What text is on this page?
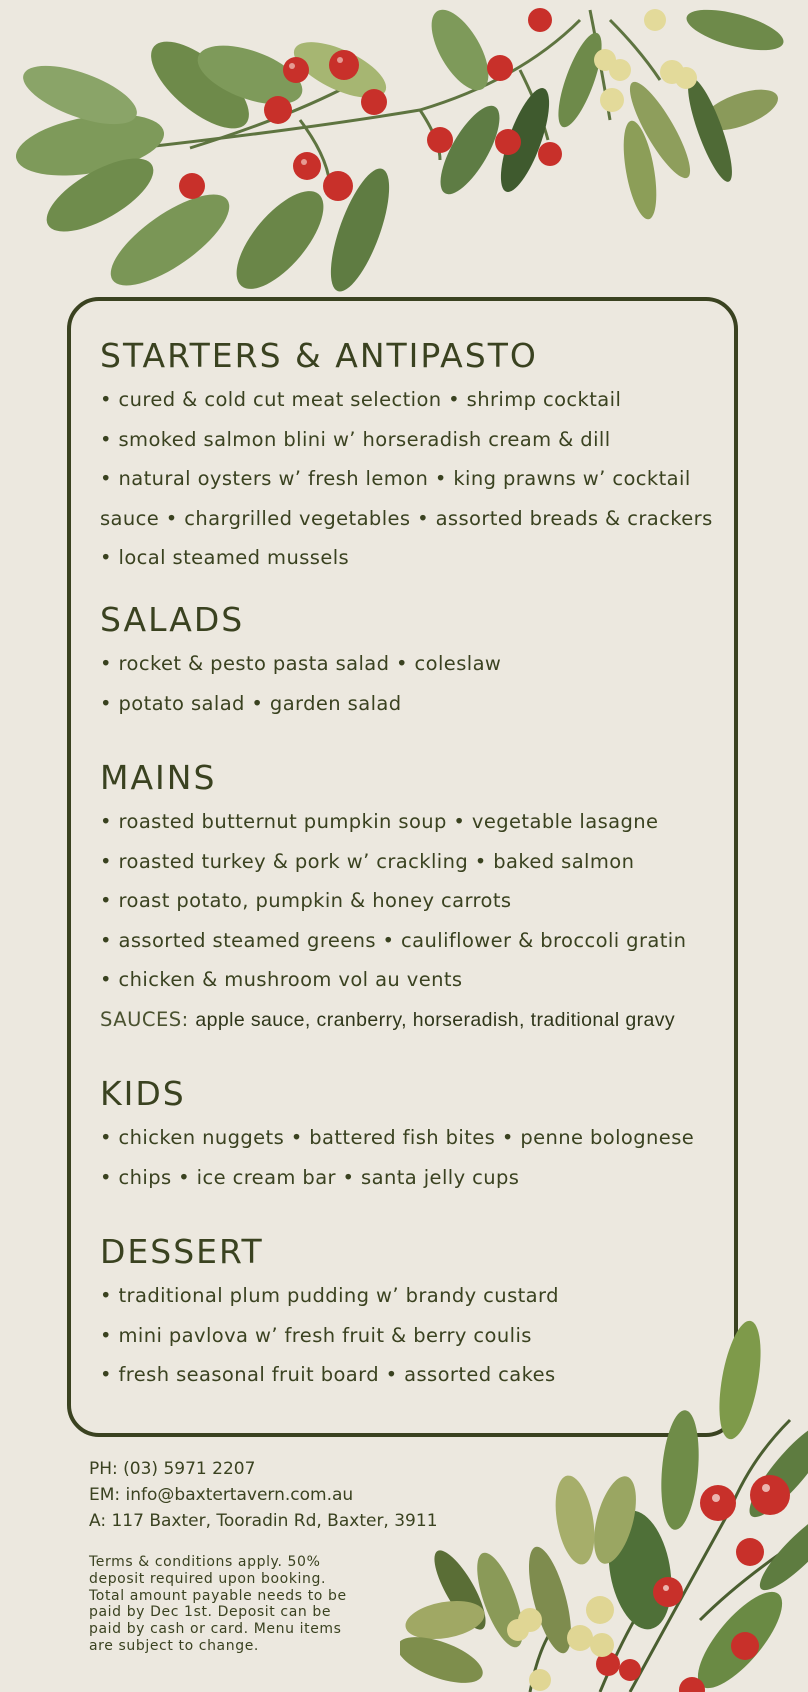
STARTERS & ANTIPASTO
• cured & cold cut meat selection • shrimp cocktail
• smoked salmon blini w’ horseradish cream & dill
• natural oysters w’ fresh lemon • king prawns w’ cocktail
sauce • chargrilled vegetables • assorted breads & crackers
• local steamed mussels
SALADS
• rocket & pesto pasta salad • coleslaw
• potato salad • garden salad
MAINS
• roasted butternut pumpkin soup • vegetable lasagne
• roasted turkey & pork w’ crackling • baked salmon
• roast potato, pumpkin & honey carrots
• assorted steamed greens • cauliflower & broccoli gratin
• chicken & mushroom vol au vents
SAUCES: apple sauce, cranberry, horseradish, traditional gravy
KIDS
• chicken nuggets • battered fish bites • penne bolognese
• chips • ice cream bar • santa jelly cups
DESSERT
• traditional plum pudding w’ brandy custard
• mini pavlova w’ fresh fruit & berry coulis
• fresh seasonal fruit board • assorted cakes
PH: (03) 5971 2207
EM: info@baxtertavern.com.au
A: 117 Baxter, Tooradin Rd, Baxter, 3911
Terms & conditions apply. 50% deposit required upon booking. Total amount payable needs to be paid by Dec 1st. Deposit can be paid by cash or card. Menu items are subject to change.
